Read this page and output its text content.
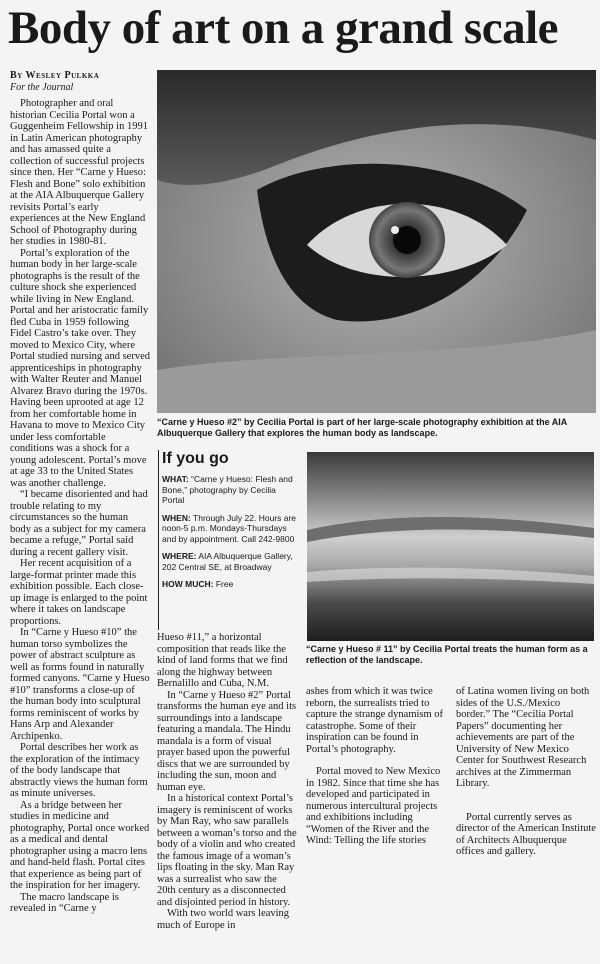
Body of art on a grand scale
By Wesley Pulkka
For the Journal

Photographer and oral historian Cecilia Portal won a Guggenheim Fellowship in 1991 in Latin American photography and has amassed quite a collection of successful projects since then. Her “Carne y Hueso: Flesh and Bone” solo exhibition at the AIA Albuquerque Gallery revisits Portal’s early experiences at the New England School of Photography during her studies in 1980-81.

Portal’s exploration of the human body in her large-scale photographs is the result of the culture shock she experienced while living in New England. Portal and her aristocratic family fled Cuba in 1959 following Fidel Castro’s take over. They moved to Mexico City, where Portal studied nursing and served apprenticeships in photography with Walter Reuter and Manuel Alvarez Bravo during the 1970s. Having been uprooted at age 12 from her comfortable home in Havana to move to Mexico City under less comfortable conditions was a shock for a young adolescent. Portal’s move at age 33 to the United States was another challenge.

“I became disoriented and had trouble relating to my circumstances so the human body as a subject for my camera became a refuge,” Portal said during a recent gallery visit.

Her recent acquisition of a large-format printer made this exhibition possible. Each close-up image is enlarged to the point where it takes on landscape proportions.

In “Carne y Hueso #10” the human torso symbolizes the power of abstract sculpture as well as forms found in naturally formed canyons. “Carne y Hueso #10” transforms a close-up of the human body into sculptural forms reminiscent of works by Hans Arp and Alexander Archipenko.

Portal describes her work as the exploration of the intimacy of the body landscape that abstractly views the human form as minute universes.

As a bridge between her studies in medicine and photography, Portal once worked as a medical and dental photographer using a macro lens and hand-held flash. Portal cites that experience as being part of the inspiration for her imagery.

The macro landscape is revealed in “Carne y

“Carne y Hueso #2” by Cecilia Portal is part of her large-scale photography exhibition at the AIA Albuquerque Gallery that explores the human body as landscape.
If you go
WHAT: “Carne y Hueso: Flesh and Bone,” photography by Cecilia Portal
WHEN: Through July 22. Hours are noon-5 p.m. Mondays-Thursdays and by appointment. Call 242-9800
WHERE: AIA Albuquerque Gallery, 202 Central SE, at Broadway
HOW MUCH: Free
“Carne y Hueso # 11” by Cecilia Portal treats the human form as a reflection of the landscape.

Hueso #11,” a horizontal composition that reads like the kind of land forms that we find along the highway between Bernalillo and Cuba, N.M.

In “Carne y Hueso #2” Portal transforms the human eye and its surroundings into a landscape featuring a mandala. The Hindu mandala is a form of visual prayer based upon the powerful discs that we are surrounded by including the sun, moon and human eye.

In a historical context Portal’s imagery is reminiscent of works by Man Ray, who saw parallels between a woman’s torso and the body of a violin and who created the famous image of a woman’s lips floating in the sky. Man Ray was a surrealist who saw the 20th century as a disconnected and disjointed period in history.

With two world wars leaving much of Europe in

ashes from which it was twice reborn, the surrealists tried to capture the strange dynamism of catastrophe. Some of their inspiration can be found in Portal’s photography.

Portal moved to New Mexico in 1982. Since that time she has developed and participated in numerous intercultural projects and exhibitions including “Women of the River and the Wind: Telling the life stories

of Latina women living on both sides of the U.S./Mexico border.” The “Cecilia Portal Papers” documenting her achievements are part of the University of New Mexico Center for Southwest Research archives at the Zimmerman Library.

Portal currently serves as director of the American Institute of Architects Albuquerque offices and gallery.
